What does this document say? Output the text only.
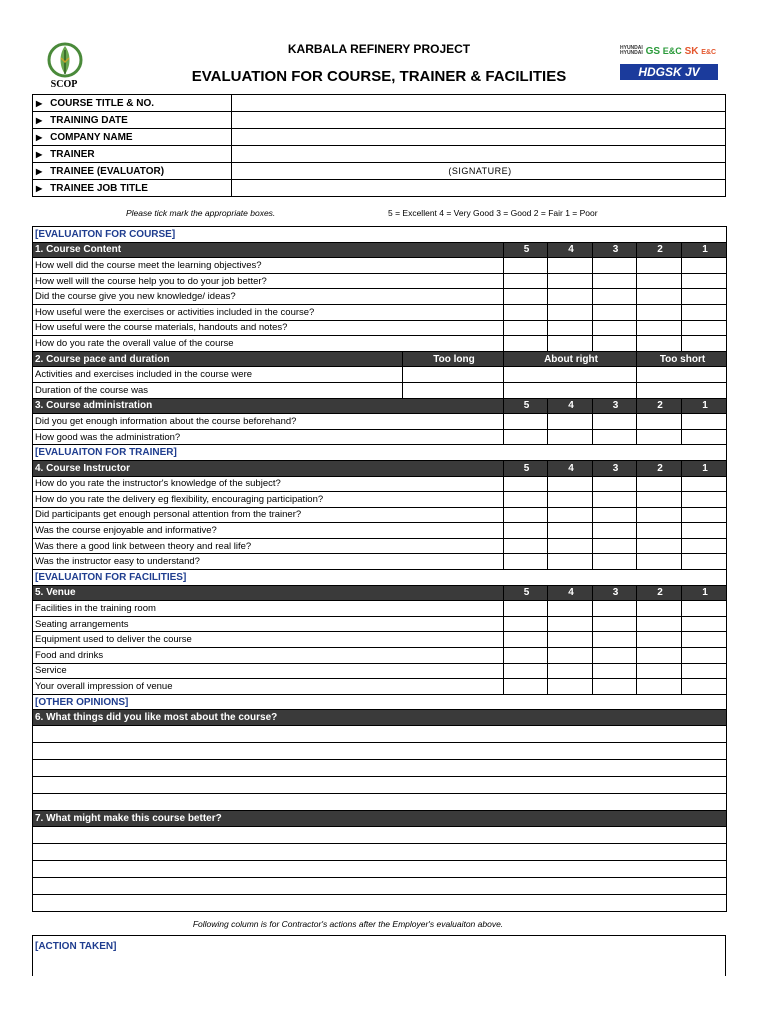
SCOP
KARBALA REFINERY PROJECT
EVALUATION FOR COURSE, TRAINER & FACILITIES
HYUNDAI
HYUNDAI GS E&C SK E&C
HDGSK JV
▶ COURSE TITLE & NO.	
▶ TRAINING DATE	
▶ COMPANY NAME	
▶ TRAINER	
▶ TRAINEE (EVALUATOR)	(SIGNATURE)
▶ TRAINEE JOB TITLE	
Please tick mark the appropriate boxes.	5 = Excellent 4 = Very Good 3 = Good 2 = Fair 1 = Poor
[EVALUAITON FOR COURSE]						
1. Course Content		5	4	3	2	1
How well did the course meet the learning objectives?						
How well will the course help you to do your job better?						
Did the course give you new knowledge/ ideas?						
How useful were the exercises or activities included in the course?						
How useful were the course materials, handouts and notes?						
How do you rate the overall value of the course						
2. Course pace and duration	Too long	About right			Too short	
Activities and exercises included in the course were						
Duration of the course was						
3. Course administration		5	4	3	2	1
Did you get enough information about the course beforehand?						
How good was the administration?						
[EVALUAITON FOR TRAINER]						
4. Course Instructor		5	4	3	2	1
How do you rate the instructor's knowledge of the subject?						
How do you rate the delivery eg flexibility, encouraging participation?						
Did participants get enough personal attention from the trainer?						
Was the course enjoyable and informative?						
Was there a good link between theory and real life?						
Was the instructor easy to understand?						
[EVALUAITON FOR FACILITIES]						
5. Venue		5	4	3	2	1
Facilities in the training room						
Seating arrangements						
Equipment used to deliver the course						
Food and drinks						
Service						
Your overall impression of venue						
[OTHER OPINIONS]						
6. What things did you like most about the course?						

7. What might make this course better?						

Following column is for Contractor's actions after the Employer's evaluaiton above.
[ACTION TAKEN]
